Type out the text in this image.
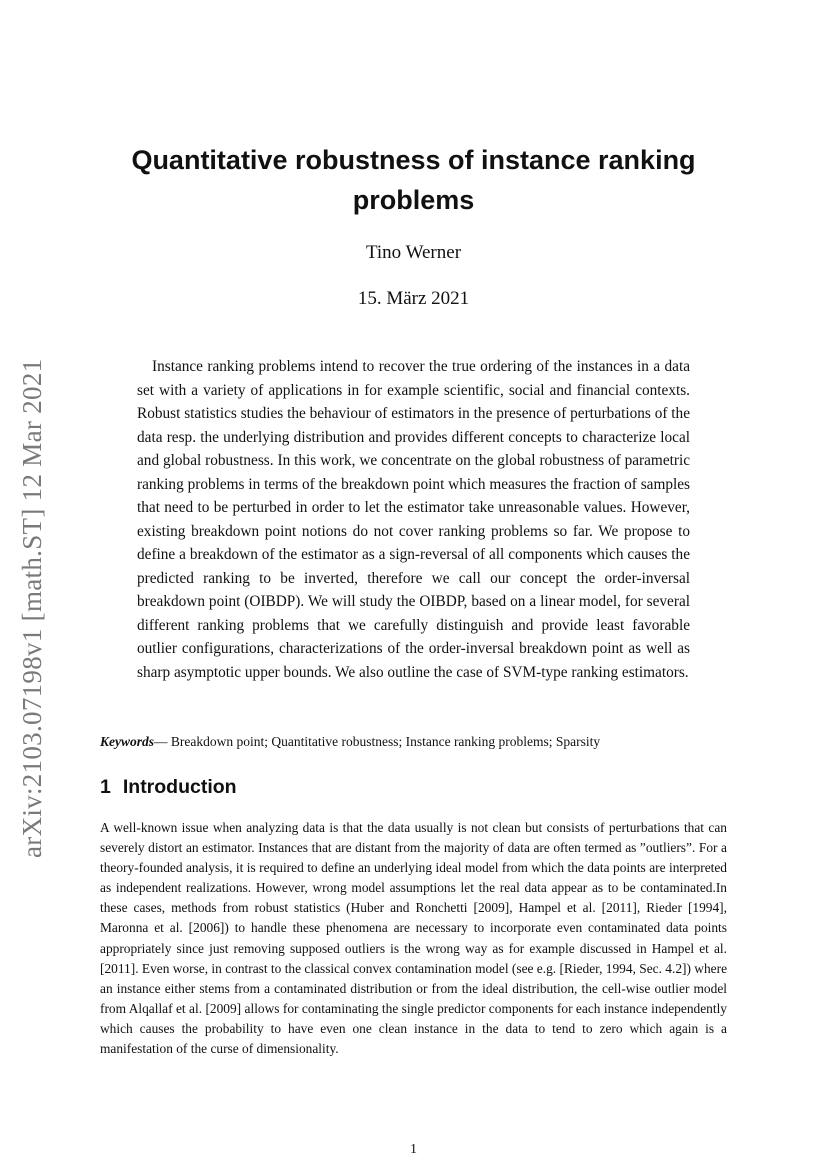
arXiv:2103.07198v1 [math.ST] 12 Mar 2021
Quantitative robustness of instance ranking problems
Tino Werner
15. März 2021

Instance ranking problems intend to recover the true ordering of the instances in a data set with a variety of applications in for example scientific, social and financial contexts. Robust statistics studies the behaviour of estimators in the presence of perturbations of the data resp. the underlying distribution and provides different concepts to characterize local and global robustness. In this work, we concentrate on the global robustness of parametric ranking problems in terms of the breakdown point which measures the fraction of samples that need to be perturbed in order to let the estimator take unreasonable values. However, existing breakdown point notions do not cover ranking problems so far. We propose to define a breakdown of the estimator as a sign-reversal of all components which causes the predicted ranking to be inverted, therefore we call our concept the order-inversal breakdown point (OIBDP). We will study the OIBDP, based on a linear model, for several different ranking problems that we carefully distinguish and provide least favorable outlier configurations, characterizations of the order-inversal breakdown point as well as sharp asymptotic upper bounds. We also outline the case of SVM-type ranking estimators.

Keywords— Breakdown point; Quantitative robustness; Instance ranking problems; Sparsity
1 Introduction

A well-known issue when analyzing data is that the data usually is not clean but consists of perturbations that can severely distort an estimator. Instances that are distant from the majority of data are often termed as ”outliers”. For a theory-founded analysis, it is required to define an underlying ideal model from which the data points are interpreted as independent realizations. However, wrong model assumptions let the real data appear as to be contaminated.In these cases, methods from robust statistics (Huber and Ronchetti [2009], Hampel et al. [2011], Rieder [1994], Maronna et al. [2006]) to handle these phenomena are necessary to incorporate even contaminated data points appropriately since just removing supposed outliers is the wrong way as for example discussed in Hampel et al. [2011]. Even worse, in contrast to the classical convex contamination model (see e.g. [Rieder, 1994, Sec. 4.2]) where an instance either stems from a contaminated distribution or from the ideal distribution, the cell-wise outlier model from Alqallaf et al. [2009] allows for contaminating the single predictor components for each instance independently which causes the probability to have even one clean instance in the data to tend to zero which again is a manifestation of the curse of dimensionality.

1
